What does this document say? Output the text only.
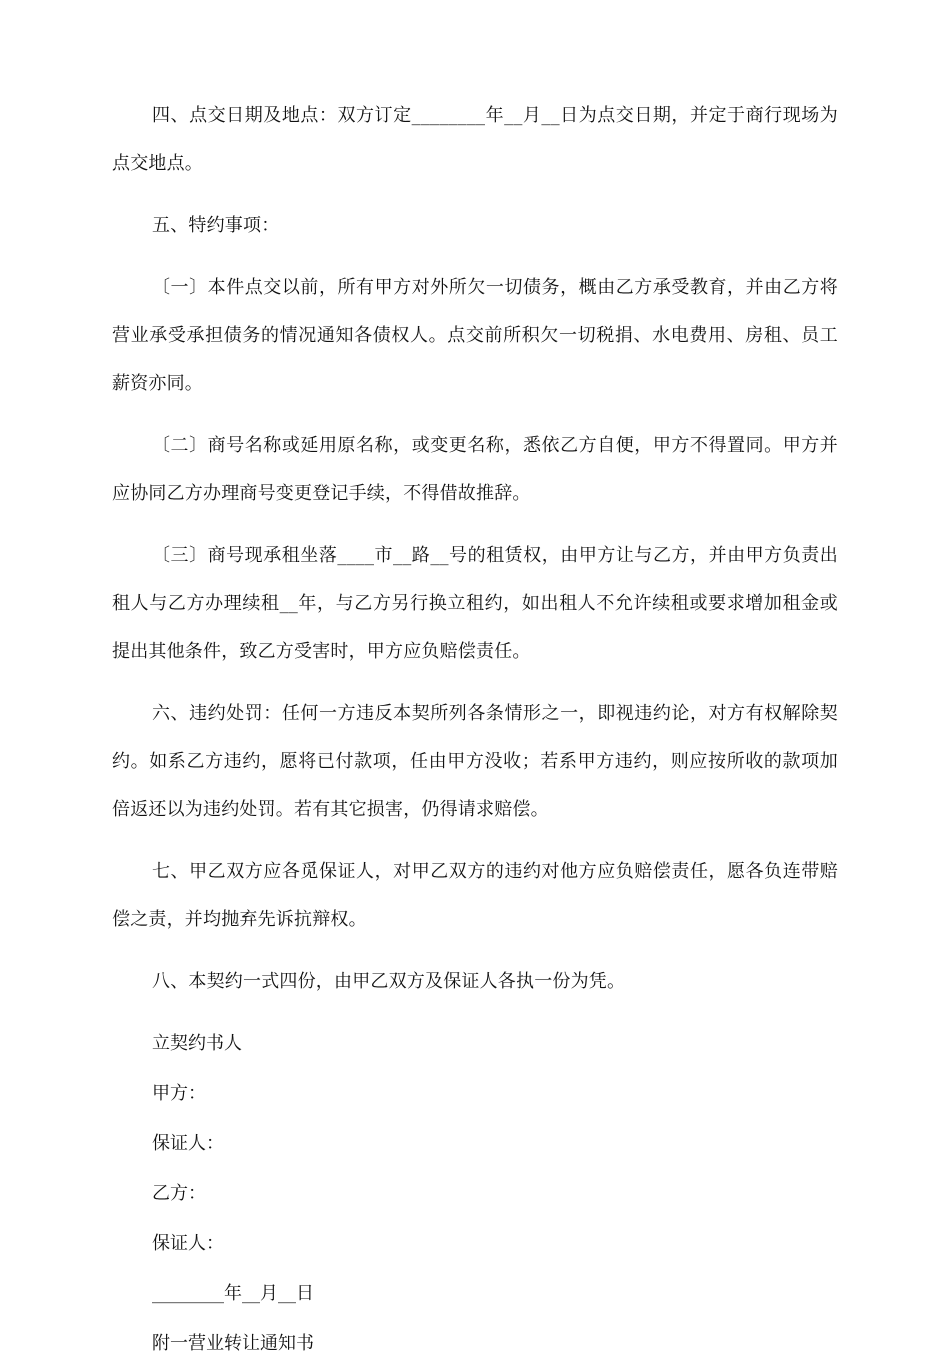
四、点交日期及地点：双方订定________年__月__日为点交日期，并定于商行现场为点交地点。

五、特约事项：

〔一〕本件点交以前，所有甲方对外所欠一切债务，概由乙方承受教育，并由乙方将营业承受承担债务的情况通知各债权人。点交前所积欠一切税捐、水电费用、房租、员工薪资亦同。

〔二〕商号名称或延用原名称，或变更名称，悉依乙方自便，甲方不得置同。甲方并应协同乙方办理商号变更登记手续，不得借故推辞。

〔三〕商号现承租坐落____市__路__号的租赁权，由甲方让与乙方，并由甲方负责出租人与乙方办理续租__年，与乙方另行换立租约，如出租人不允许续租或要求增加租金或提出其他条件，致乙方受害时，甲方应负赔偿责任。

六、违约处罚：任何一方违反本契所列各条情形之一，即视违约论，对方有权解除契约。如系乙方违约，愿将已付款项，任由甲方没收；若系甲方违约，则应按所收的款项加倍返还以为违约处罚。若有其它损害，仍得请求赔偿。

七、甲乙双方应各觅保证人，对甲乙双方的违约对他方应负赔偿责任，愿各负连带赔偿之责，并均抛弃先诉抗辩权。

八、本契约一式四份，由甲乙双方及保证人各执一份为凭。

立契约书人

甲方：

保证人：

乙方：

保证人：

________年__月__日

附一营业转让通知书
